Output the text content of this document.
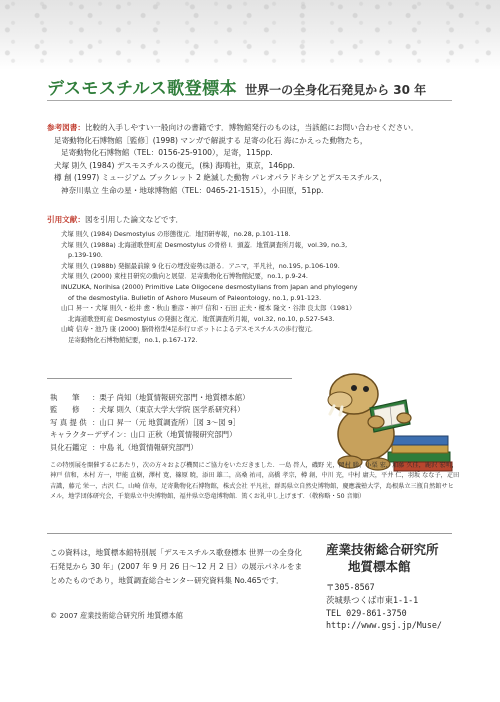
デスモスチルス歌登標本 世界一の全身化石発見から 30 年
参考図書：比較的入手しやすい一般向けの書籍です．博物館発行のものは，当該館にお問い合わせください．
足寄動物化石博物館［監修］(1998) マンガで解説する 足寄の化石 海にかえった動物たち，
足寄動物化石博物館（TEL：0156-25-9100），足寄，115pp.
犬塚 則久 (1984) デスモスチルスの復元，(株) 海鳴社，東京，146pp.
樽 創 (1997) ミュージアム ブックレット 2 絶滅した動物 パレオパラドキシアとデスモスチルス，
神奈川県立 生命の星・地球博物館（TEL：0465-21-1515），小田原，51pp.
引用文献：図を引用した論文などです．
犬塚 則久 (1984) Desmostylus の形態復元．地団研専報，no.28, p.101-118.
犬塚 則久 (1988a) 北海道歌登町産 Desmostylus の骨格 I．頭蓋．地質調査所月報，vol.39, no.3,
p.139-190.
犬塚 則久 (1988b) 発掘最前線 9 化石の埋没姿勢は語る．アニマ，平凡社，no.195, p.106-109.
犬塚 則久 (2000) 束柱目研究の動向と展望．足寄動物化石博物館紀要，no.1, p.9-24.
INUZUKA, Norihisa (2000) Primitive Late Oligocene desmostylians from Japan and phylogeny
of the desmostylia. Bulletin of Ashoro Museum of Paleontology, no.1, p.91-123.
山口 昇一・犬塚 則久・松井 愈・秋山 雅彦・神戸 信和・石田 正夫・榎本 隆文・谷津 良太郎（1981）
北海道歌登町産 Desmostylus の発掘と復元．地質調査所月報，vol.32, no.10, p.527-543.
山崎 信寿・池乃 康 (2000) 脳骨格型4足歩行ロボットによるデスモスチルスの歩行復元．
足寄動物化石博物館紀要，no.1, p.167-172.
執　　筆 ：栗子 尚知（地質情報研究部門・地質標本館）
監　　修 ：犬塚 則久（東京大学大学院 医学系研究科）
写 真 提 供 ：山口 昇一（元 地質調査所）［図 3〜図 9］
キャラクターデザイン：山口 正秋（地質情報研究部門）
貝化石鑑定 ：中島 礼（地質情報研究部門）
この特別展を開催するにあたり，次の方々および機関にご協力をいただきました．一島 啓人，磯野 光，岡村 聡，小栗 宏，加藤 久佳，鹿沢 宏明，神戸 信和，木村 方一，甲能 直樹，澤村 寛，篠原 暁，添田 雄二，高桑 祐司，高橋 孝宗，樽 創，中川 充，中村 庸夫，平井 仁，羽坂 なな子，疋田 吉識，藤元 栄一，古沢 仁，山崎 信寿，足寄動物化石博物館，株式会社 平凡社，群馬県立自然史博物館，慶應義塾大学，島根県立三瓶自然館サヒメル，地学団体研究会，千葉県立中央博物館，福井県立恐竜博物館．篤くお礼申し上げます．（敬称略・50 音順）
この資料は，地質標本館特別展「デスモスチルス歌登標本 世界一の全身化石発見から 30 年」(2007 年 9 月 26 日〜12 月 2 日）の展示パネルをまとめたものであり，地質調査総合センター研究資料集 No.465です．
© 2007 産業技術総合研究所 地質標本館
産業技術総合研究所
地質標本館
〒305-8567
茨城県つくば市東1-1-1
TEL 029-861-3750
http://www.gsj.jp/Muse/
